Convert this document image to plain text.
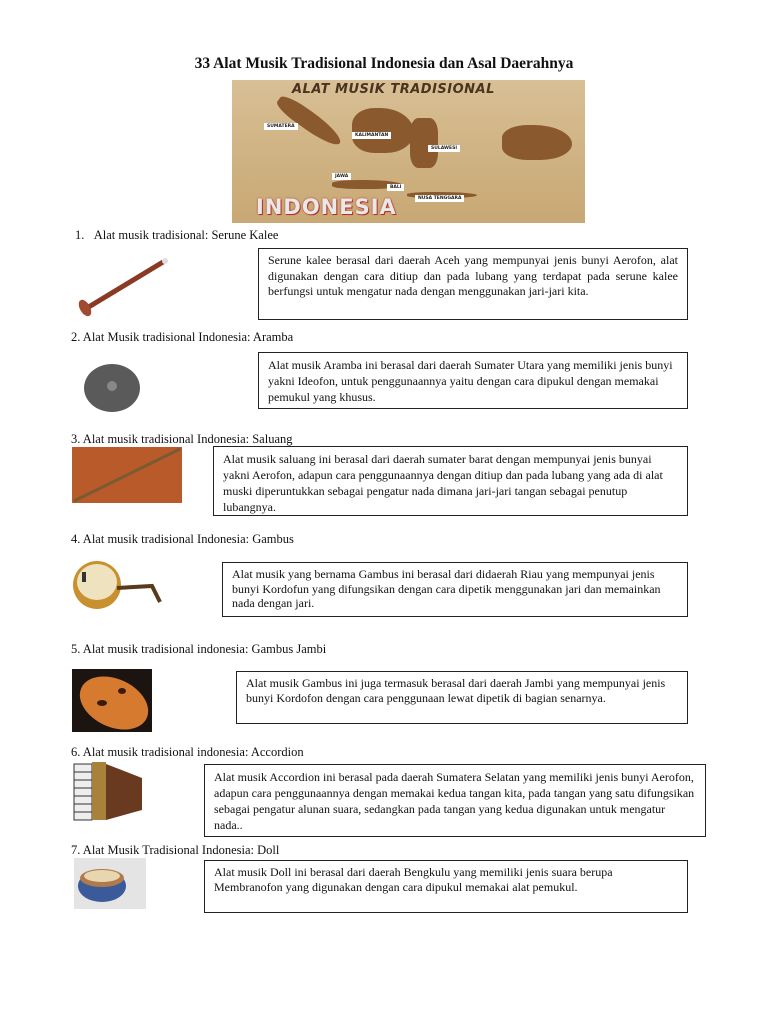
33 Alat Musik Tradisional Indonesia dan Asal Daerahnya
ALAT MUSIK TRADISIONAL
SUMATERA
KALIMANTAN
SULAWESI
JAWA
BALI
NUSA TENGGARA
INDONESIA
1. Alat musik tradisional: Serune Kalee
Serune kalee berasal dari daerah Aceh yang mempunyai jenis bunyi Aerofon, alat digunakan dengan cara ditiup dan pada lubang yang terdapat pada serune kalee berfungsi untuk mengatur nada dengan menggunakan jari-jari kita.
2. Alat Musik tradisional Indonesia: Aramba
Alat musik Aramba ini berasal dari daerah Sumater Utara yang memiliki jenis bunyi yakni Ideofon, untuk penggunaannya yaitu dengan cara dipukul dengan memakai pemukul yang khusus.
3. Alat musik tradisional Indonesia: Saluang
Alat musik saluang ini berasal dari daerah sumater barat dengan mempunyai jenis bunyai yakni Aerofon, adapun cara penggunaannya dengan ditiup dan pada lubang yang ada di alat muski diperuntukkan sebagai pengatur nada dimana jari-jari tangan sebagai penutup lubangnya.
4. Alat musik tradisional Indonesia: Gambus
Alat musik yang bernama Gambus ini berasal dari didaerah Riau yang mempunyai jenis bunyi Kordofun yang difungsikan dengan cara dipetik menggunakan jari dan memainkan nada dengan jari.
5. Alat musik tradisional indonesia: Gambus Jambi
Alat musik Gambus ini juga termasuk berasal dari daerah Jambi yang mempunyai jenis bunyi Kordofon dengan cara penggunaan lewat dipetik di bagian senarnya.
6. Alat musik tradisional indonesia: Accordion
Alat musik Accordion ini berasal pada daerah Sumatera Selatan yang memiliki jenis bunyi Aerofon, adapun cara penggunaannya dengan memakai kedua tangan kita, pada tangan yang satu difungsikan sebagai pengatur alunan suara, sedangkan pada tangan yang kedua digunakan untuk mengatur nada..
7. Alat Musik Tradisional Indonesia: Doll
Alat musik Doll ini berasal dari daerah Bengkulu yang memiliki jenis suara berupa Membranofon yang digunakan dengan cara dipukul memakai alat pemukul.
